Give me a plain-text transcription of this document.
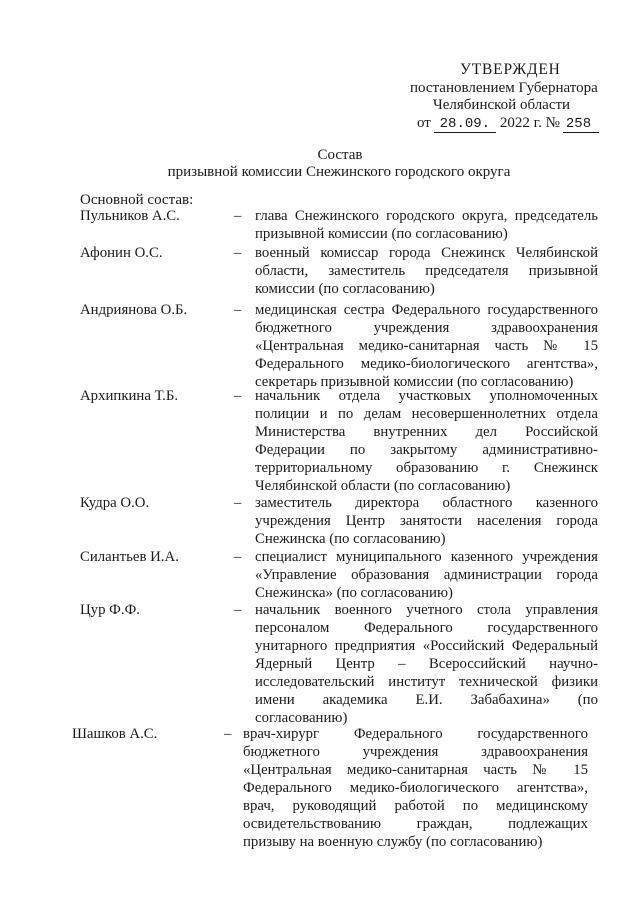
УТВЕРЖДЕН
постановлением Губернатора
Челябинской области
от 28.09. 2022 г. № 258
Состав
призывной комиссии Снежинского городского округа
Основной состав:
Пульников А.С.	– глава Снежинского городского округа, председатель
призывной комиссии (по согласованию)
Афонин О.С.	– военный комиссар города Снежинск Челябинской
области, заместитель председателя призывной
комиссии (по согласованию)
Андриянова О.Б.	– медицинская сестра Федерального государственного
бюджетного учреждения здравоохранения
«Центральная медико-санитарная часть № 15
Федерального медико-биологического агентства»,
секретарь призывной комиссии (по согласованию)
Архипкина Т.Б.	– начальник отдела участковых уполномоченных
полиции и по делам несовершеннолетних отдела
Министерства внутренних дел Российской
Федерации по закрытому административно-
территориальному образованию г. Снежинск
Челябинской области (по согласованию)
Кудра О.О.	– заместитель директора областного казенного
учреждения Центр занятости населения города
Снежинска (по согласованию)
Силантьев И.А.	– специалист муниципального казенного учреждения
«Управление образования администрации города
Снежинска» (по согласованию)
Цур Ф.Ф.	– начальник военного учетного стола управления
персоналом Федерального государственного
унитарного предприятия «Российский Федеральный
Ядерный Центр – Всероссийский научно-
исследовательский институт технической физики
имени академика Е.И. Забабахина» (по
согласованию)
Шашков А.С.	– врач-хирург Федерального государственного
бюджетного учреждения здравоохранения
«Центральная медико-санитарная часть № 15
Федерального медико-биологического агентства»,
врач, руководящий работой по медицинскому
освидетельствованию граждан, подлежащих
призыву на военную службу (по согласованию)
